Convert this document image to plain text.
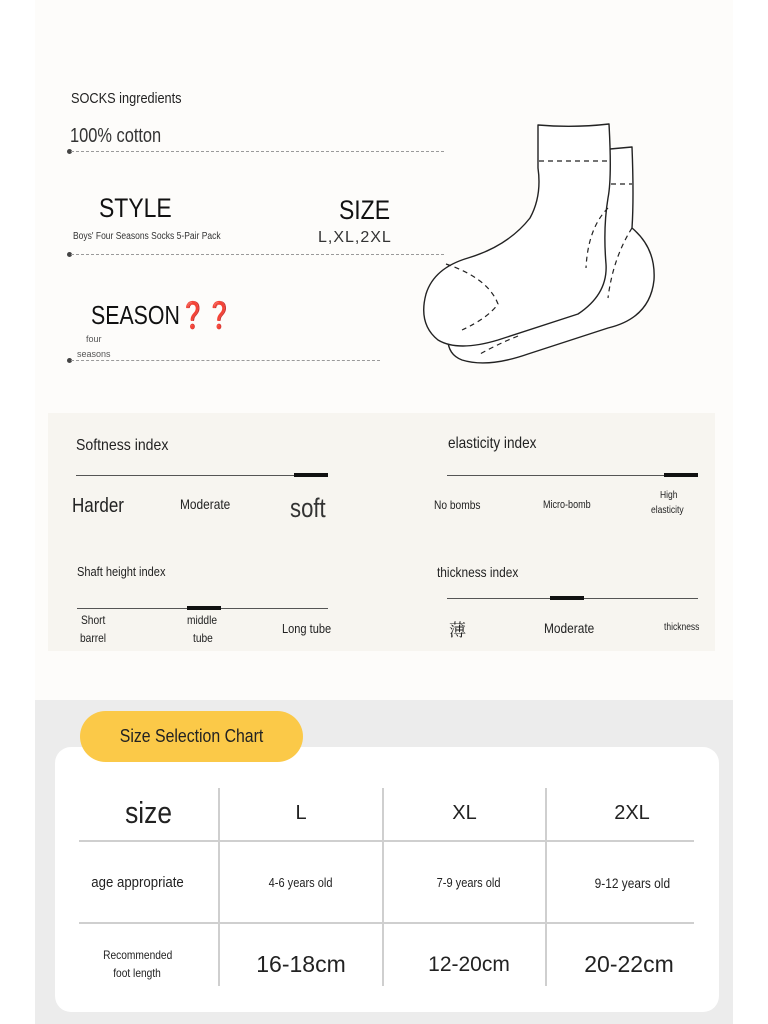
SOCKS ingredients
100% cotton
STYLE
Boys' Four Seasons Socks 5-Pair Pack
SIZE
L,XL,2XL
SEASON❓❓
four
seasons
Softness index
Harder	Moderate	soft
elasticity index
No bombs	Micro-bomb
High
elasticity
Shaft height index
Short
barrel
middle
tube
Long tube
thickness index
薄	Moderate	thickness
Size Selection Chart
size	L	XL	2XL
age appropriate	4-6 years old	7-9 years old	9-12 years old
Recommended
foot length	16-18cm	12-20cm	20-22cm
